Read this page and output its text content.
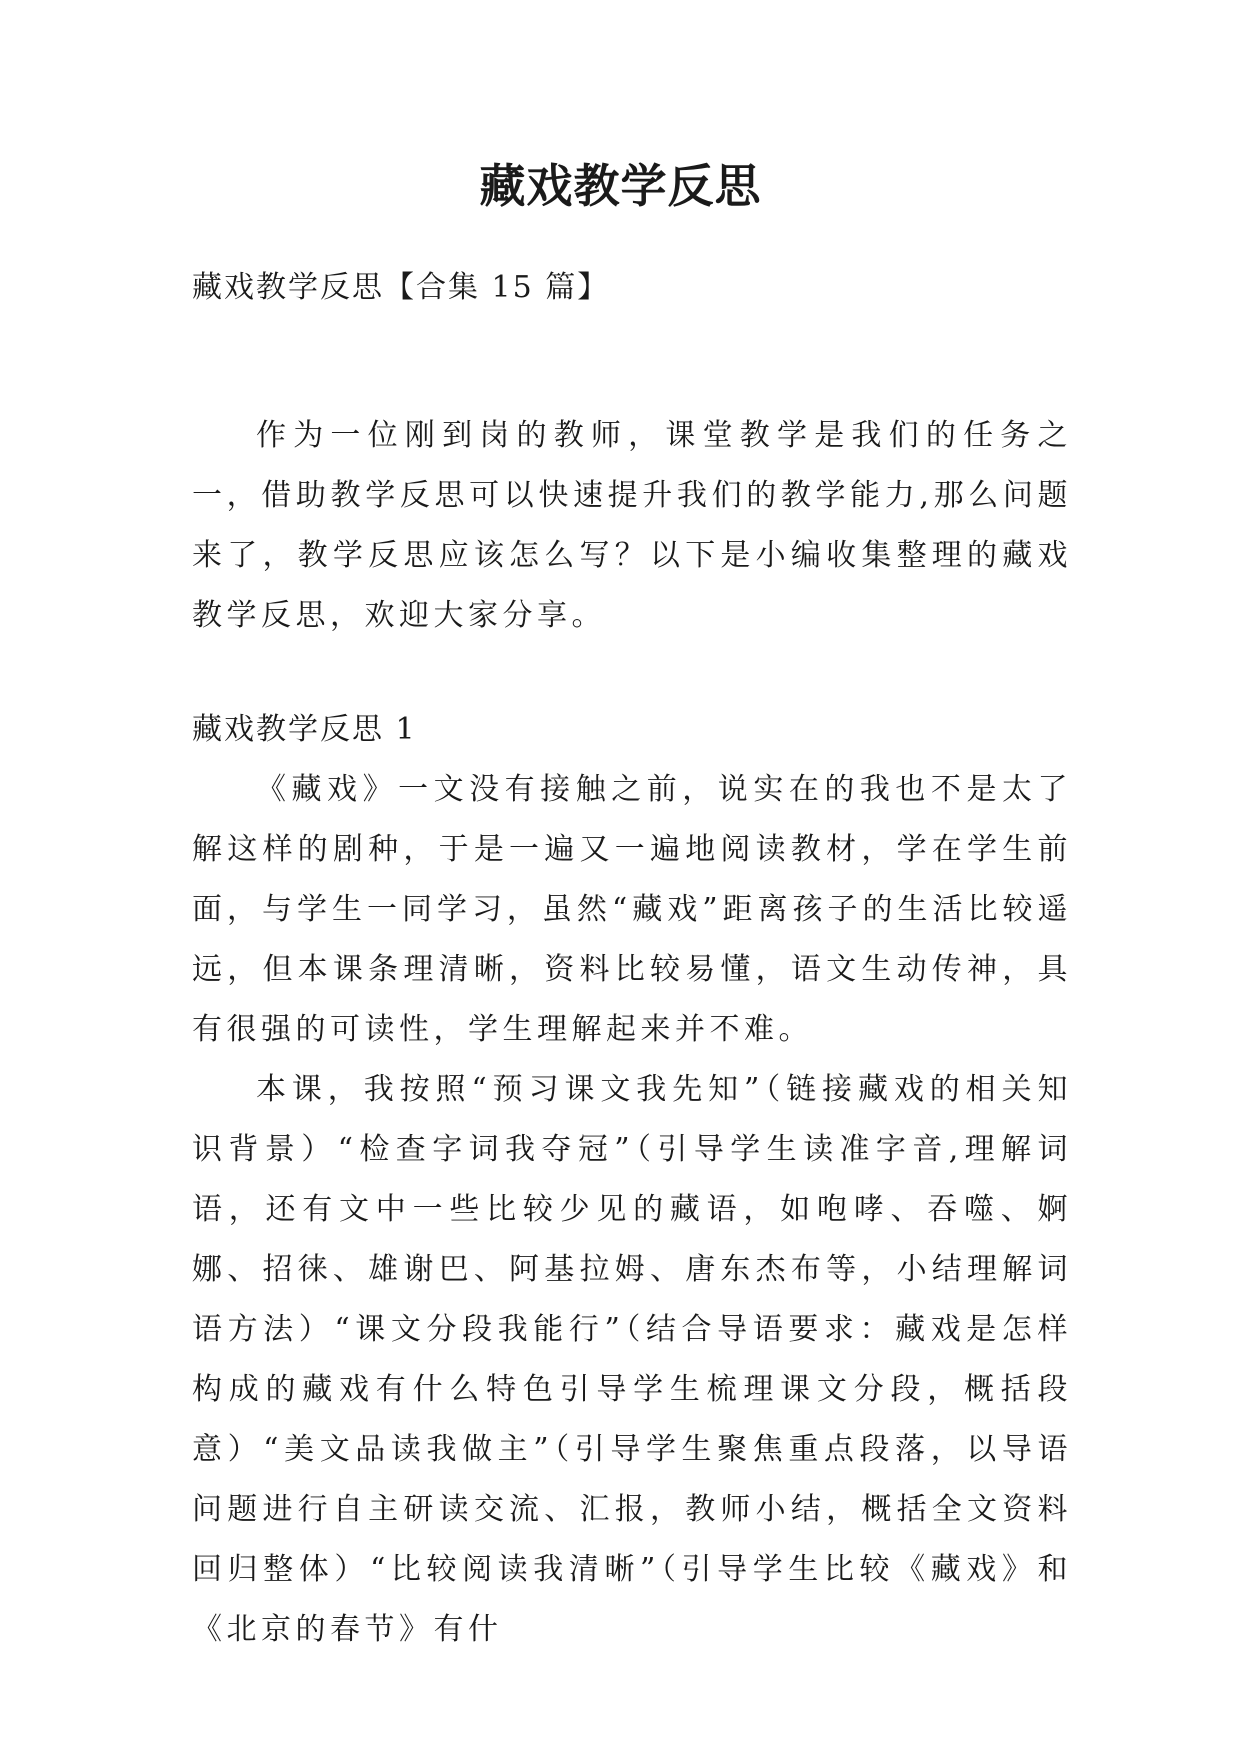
藏戏教学反思

藏戏教学反思【合集 15 篇】

作为一位刚到岗的教师，课堂教学是我们的任务之一，借助教学反思可以快速提升我们的教学能力,那么问题来了，教学反思应该怎么写？以下是小编收集整理的藏戏教学反思，欢迎大家分享。

藏戏教学反思 1

《藏戏》一文没有接触之前，说实在的我也不是太了解这样的剧种，于是一遍又一遍地阅读教材，学在学生前面，与学生一同学习，虽然“藏戏”距离孩子的生活比较遥远，但本课条理清晰，资料比较易懂，语文生动传神，具有很强的可读性，学生理解起来并不难。

本课，我按照“预习课文我先知”（链接藏戏的相关知识背景）“检查字词我夺冠”（引导学生读准字音,理解词语，还有文中一些比较少见的藏语，如咆哮、吞噬、婀娜、招徕、雄谢巴、阿基拉姆、唐东杰布等，小结理解词语方法）“课文分段我能行”（结合导语要求：藏戏是怎样构成的藏戏有什么特色引导学生梳理课文分段，概括段意）“美文品读我做主”（引导学生聚焦重点段落，以导语问题进行自主研读交流、汇报，教师小结，概括全文资料回归整体）“比较阅读我清晰”（引导学生比较《藏戏》和《北京的春节》有什
